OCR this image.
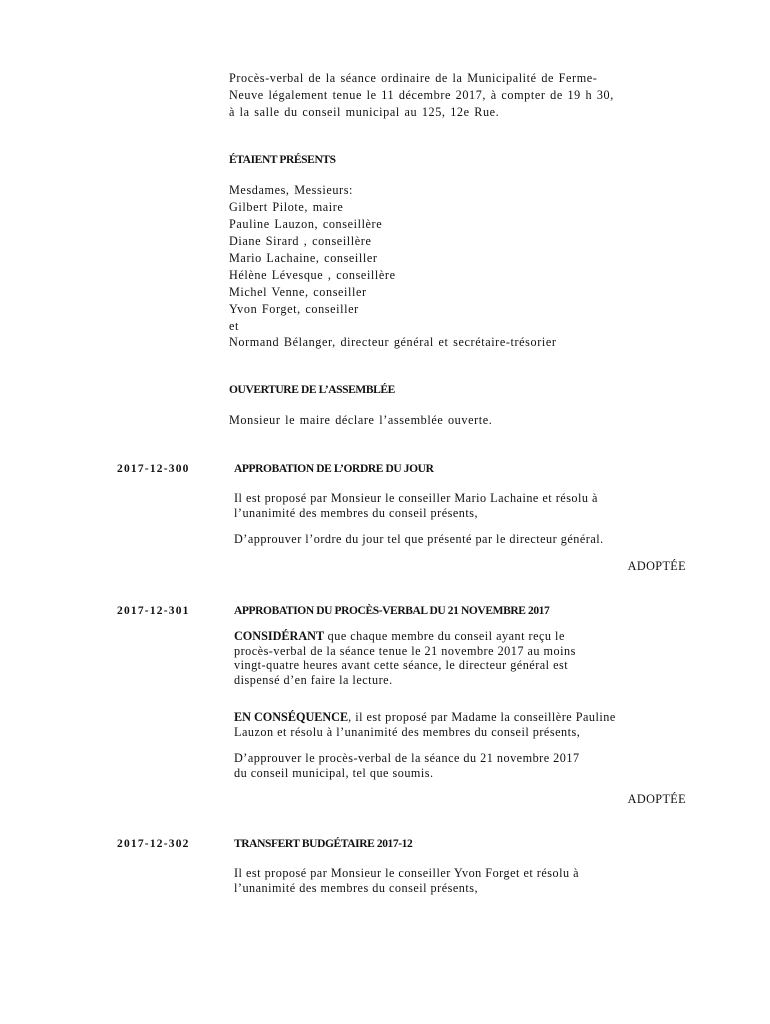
Procès-verbal de la séance ordinaire de la Municipalité de Ferme-
Neuve légalement tenue le 11 décembre 2017, à compter de 19 h 30,
à la salle du conseil municipal au 125, 12e Rue.
ÉTAIENT PRÉSENTS
Mesdames, Messieurs:
Gilbert Pilote, maire
Pauline Lauzon, conseillère
Diane Sirard , conseillère
Mario Lachaine, conseiller
Hélène Lévesque , conseillère
Michel Venne, conseiller
Yvon Forget, conseiller
et
Normand Bélanger, directeur général et secrétaire-trésorier
OUVERTURE DE L’ASSEMBLÉE
Monsieur le maire déclare l’assemblée ouverte.
2017-12-300	APPROBATION DE L’ORDRE DU JOUR
Il est proposé par Monsieur le conseiller Mario Lachaine et résolu à
l’unanimité des membres du conseil présents,
D’approuver l’ordre du jour tel que présenté par le directeur général.
ADOPTÉE
2017-12-301	APPROBATION DU PROCÈS-VERBAL DU 21 NOVEMBRE 2017
CONSIDÉRANT que chaque membre du conseil ayant reçu le
procès-verbal de la séance tenue le 21 novembre 2017 au moins
vingt-quatre heures avant cette séance, le directeur général est
dispensé d’en faire la lecture.
EN CONSÉQUENCE, il est proposé par Madame la conseillère Pauline
Lauzon et résolu à l’unanimité des membres du conseil présents,
D’approuver le procès-verbal de la séance du 21 novembre 2017
du conseil municipal, tel que soumis.
ADOPTÉE
2017-12-302	TRANSFERT BUDGÉTAIRE 2017-12
Il est proposé par Monsieur le conseiller Yvon Forget et résolu à
l’unanimité des membres du conseil présents,
